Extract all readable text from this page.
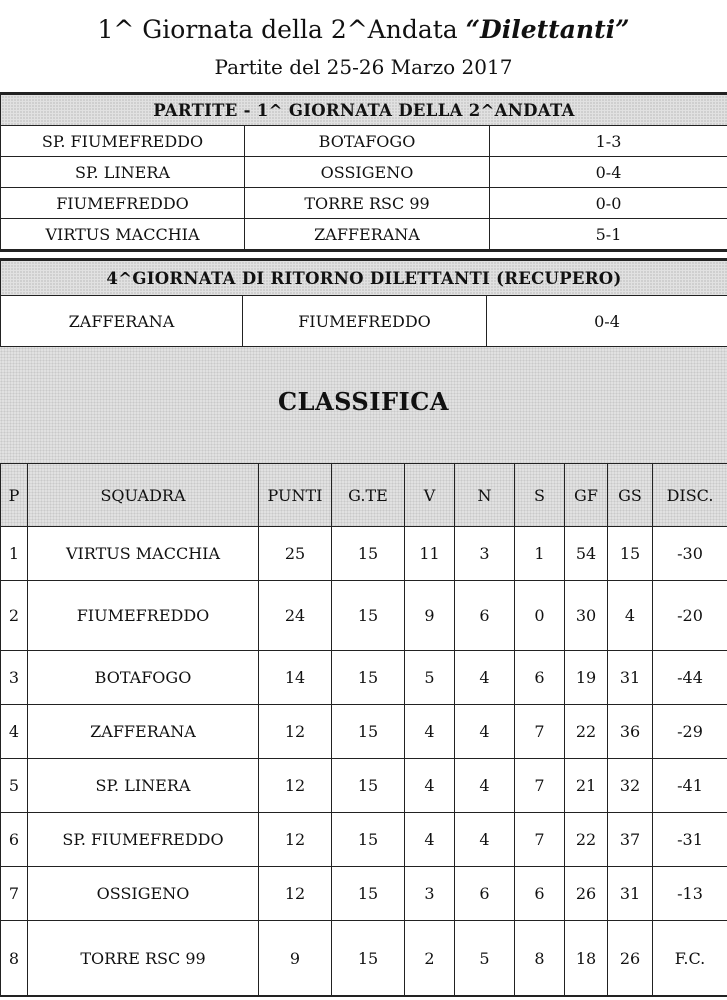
1^ Giornata della 2^Andata “Dilettanti”
Partite del 25-26 Marzo 2017
PARTITE - 1^ GIORNATA DELLA 2^ANDATA		
SP. FIUMEFREDDO	BOTAFOGO	1-3
SP. LINERA	OSSIGENO	0-4
FIUMEFREDDO	TORRE RSC 99	0-0
VIRTUS MACCHIA	ZAFFERANA	5-1
4^GIORNATA DI RITORNO DILETTANTI (RECUPERO)
ZAFFERANA	FIUMEFREDDO	0-4
CLASSIFICA
P	SQUADRA	PUNTI	G.TE	V	N	S	GF	GS	DISC.
1	VIRTUS MACCHIA	25	15	11	3	1	54	15	-30
2	FIUMEFREDDO	24	15	9	6	0	30	4	-20
3	BOTAFOGO	14	15	5	4	6	19	31	-44
4	ZAFFERANA	12	15	4	4	7	22	36	-29
5	SP. LINERA	12	15	4	4	7	21	32	-41
6	SP. FIUMEFREDDO	12	15	4	4	7	22	37	-31
7	OSSIGENO	12	15	3	6	6	26	31	-13
8	TORRE RSC 99	9	15	2	5	8	18	26	F.C.
